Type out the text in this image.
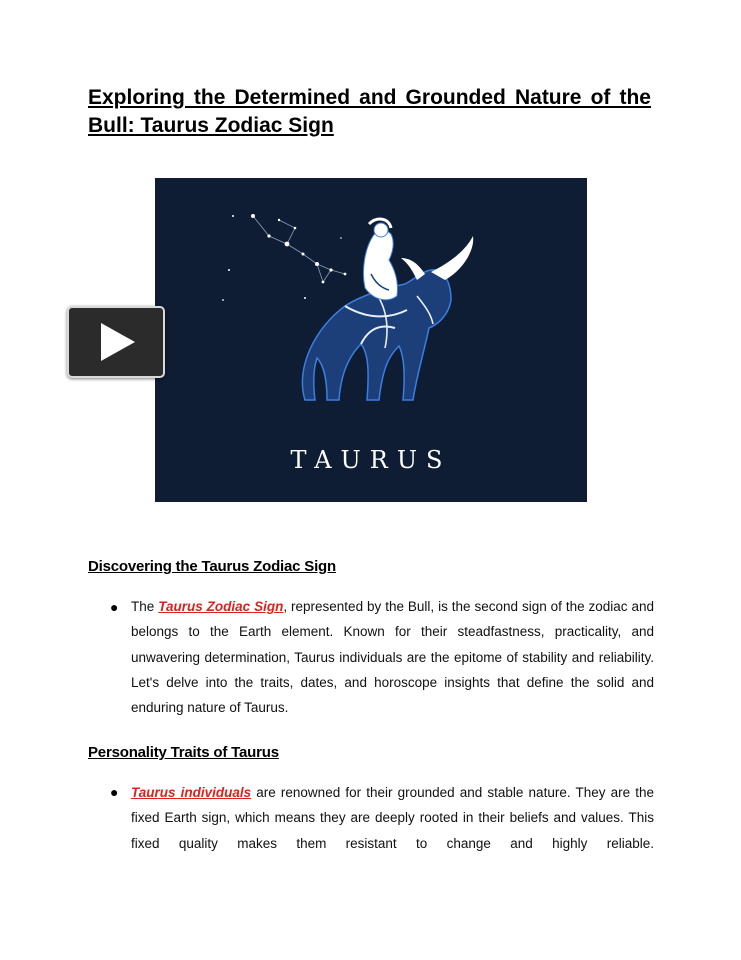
Exploring the Determined and Grounded Nature of the Bull: Taurus Zodiac Sign
TAURUS
Discovering the Taurus Zodiac Sign
● The Taurus Zodiac Sign, represented by the Bull, is the second sign of the zodiac and belongs to the Earth element. Known for their steadfastness, practicality, and unwavering determination, Taurus individuals are the epitome of stability and reliability. Let's delve into the traits, dates, and horoscope insights that define the solid and enduring nature of Taurus.

Personality Traits of Taurus
● Taurus individuals are renowned for their grounded and stable nature. They are the fixed Earth sign, which means they are deeply rooted in their beliefs and values. This fixed quality makes them resistant to change and highly reliable.
